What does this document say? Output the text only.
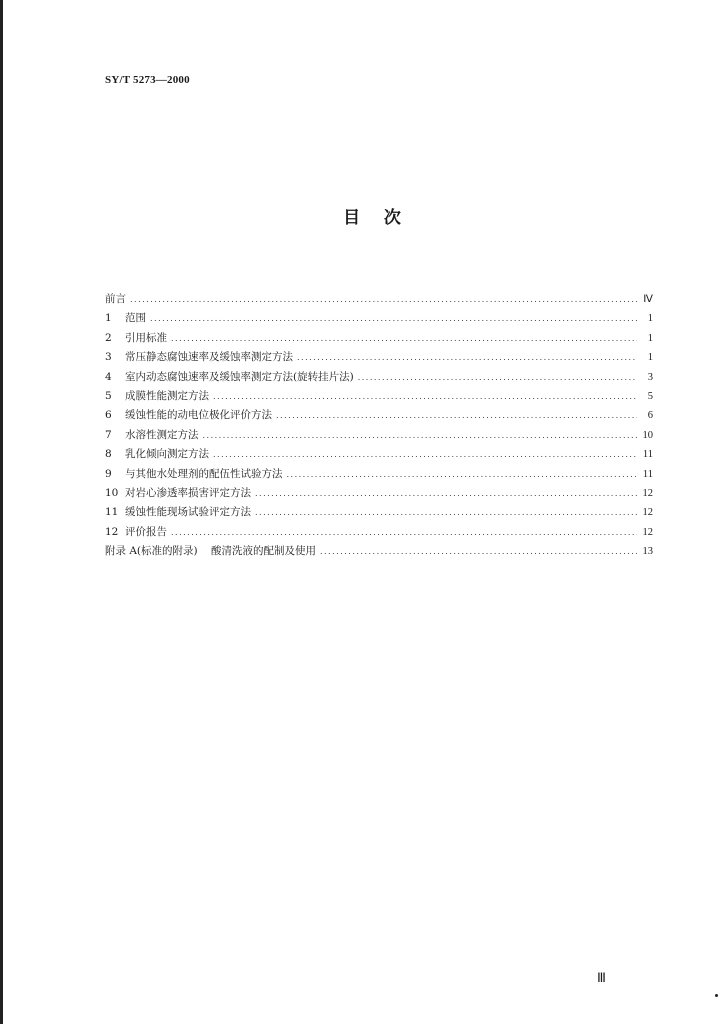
SY/T 5273—2000
目    次
前言 .....	Ⅳ
1	范围 .....	1
2	引用标准 .....	1
3	常压静态腐蚀速率及缓蚀率测定方法 .....	1
4	室内动态腐蚀速率及缓蚀率测定方法(旋转挂片法) .....	3
5	成膜性能测定方法 .....	5
6	缓蚀性能的动电位极化评价方法 .....	6
7	水溶性测定方法 .....	10
8	乳化倾向测定方法 .....	11
9	与其他水处理剂的配伍性试验方法 .....	11
10 对岩心渗透率损害评定方法 .....	12
11 缓蚀性能现场试验评定方法 .....	12
12 评价报告 .....	12
附录 A(标准的附录)    酸清洗液的配制及使用 .....	13
Ⅲ
